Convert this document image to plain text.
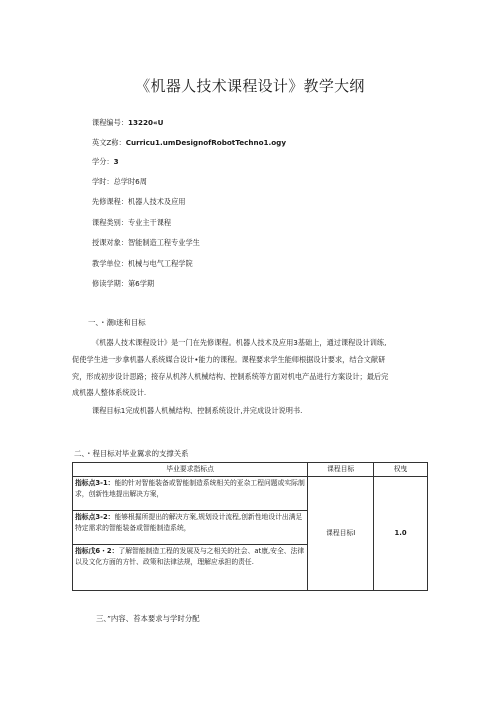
《机器人技术课程设计》教学大纲
课程编号：13220«U
英文Z称：Curricu1.umDesignofRobotTechno1.ogy
学分：3
学时：总学时6周
先修课程：机器人技术及应用
课程类别：专业主干课程
授课对象：智能制造工程专业学生
教学单位：机械与电气工程学院
修读学期：第6学期
一、・潮I迷和目标
《机器人技术课程设计》是一门在先修课程。机器人技术及应用3基础上，通过课程设计训练,
促使学生进一步拿机器人系统媒合设计•能力的课程。课程要求学生能师根据设计要求，结合文献研
究，形成初步设计思路；接存从机涔人机械结构、控制系统等方面对机电产品进行方案设计；最后完
成机器人整体系统设计.
课程目标1完成机器人机械结构、控制系统设计,并完成设计说明书.
二、・程目标对毕业翼求的支撑关系
毕业要求指标点	课程目标	权曳
指标点3-1：能的针对智能装备或智能制造系统相关的亚杂工程问题或实际制求，创新性地提出解决方案，	课程目标I	1.0
指标点3-2：能够根掘所提出的解决方案,规划设计流程,创新性地设计出满足特定需求的智能装备或智能制造系统，		
指标戊6・2：了解智能制造工程的发展及与之相关的社会、at康,安全、法律以及文化方面的方针、政策和法律法规，理解应承担的责任.		
三、”内容、苔本要求与学时分配
